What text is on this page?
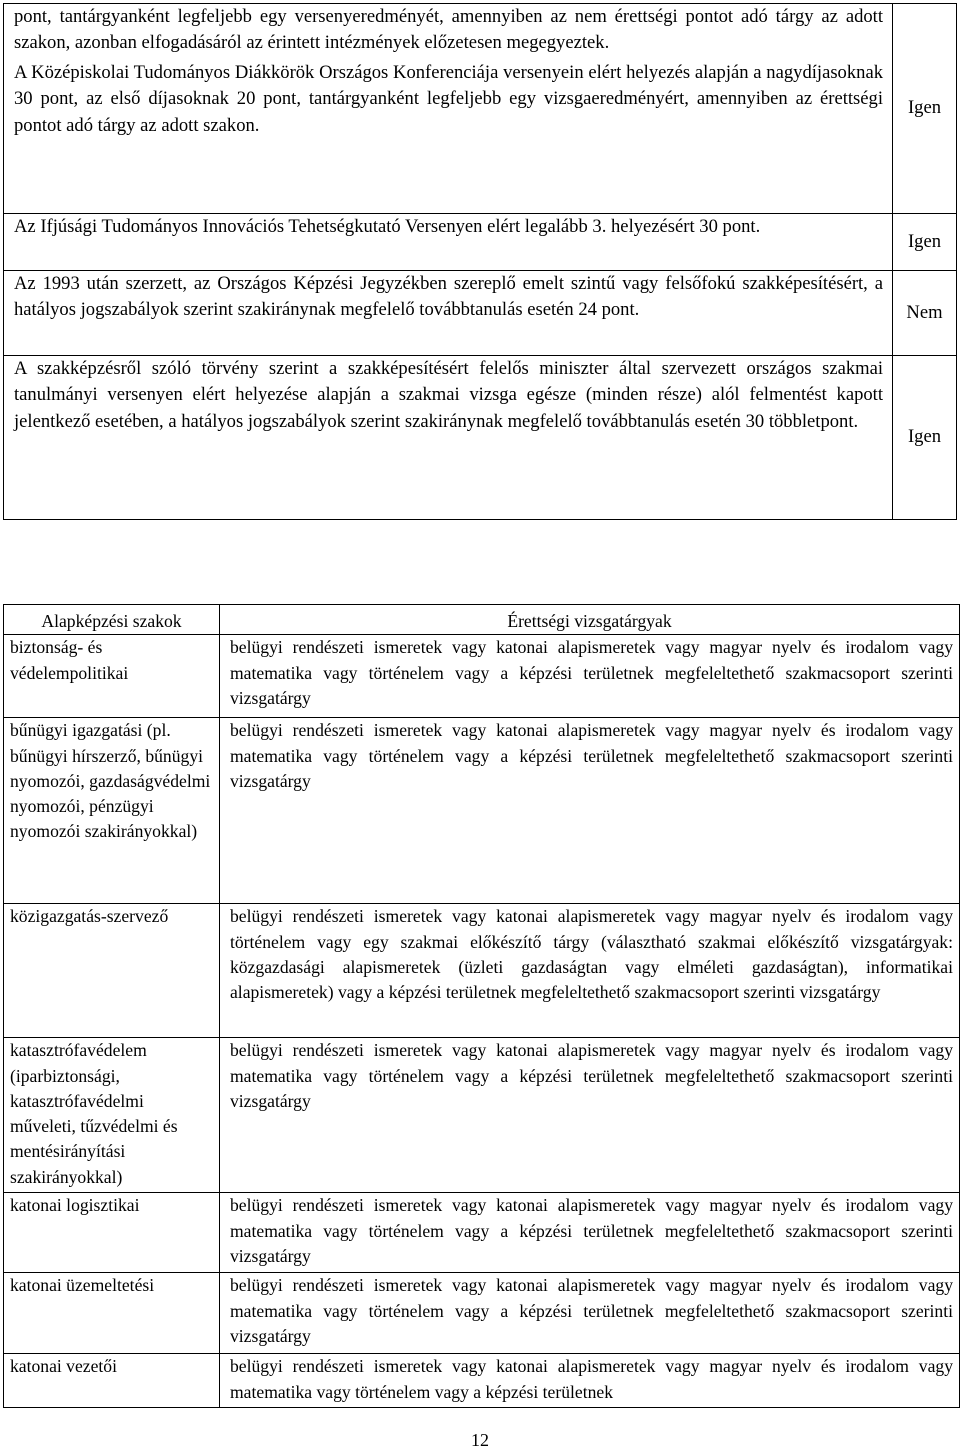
pont, tantárgyanként legfeljebb egy versenyeredményét, amennyiben az nem érettségi pontot adó tárgy az adott szakon, azonban elfogadásáról az érintett intézmények előzetesen megegyeztek.

A Középiskolai Tudományos Diákkörök Országos Konferenciája versenyein elért helyezés alapján a nagydíjasoknak 30 pont, az első díjasoknak 20 pont, tantárgyanként legfeljebb egy vizsgaeredményért, amennyiben az érettségi pontot adó tárgy az adott szakon.	Igen

Az Ifjúsági Tudományos Innovációs Tehetségkutató Versenyen elért legalább 3. helyezésért 30 pont.	Igen

Az 1993 után szerzett, az Országos Képzési Jegyzékben szereplő emelt szintű vagy felsőfokú szakképesítésért, a hatályos jogszabályok szerint szakiránynak megfelelő továbbtanulás esetén 24 pont.	Nem

A szakképzésről szóló törvény szerint a szakképesítésért felelős miniszter által szervezett országos szakmai tanulmányi versenyen elért helyezése alapján a szakmai vizsga egésze (minden része) alól felmentést kapott jelentkező esetében, a hatályos jogszabályok szerint szakiránynak megfelelő továbbtanulás esetén 30 többletpont.	Igen
Alapképzési szakok	Érettségi vizsgatárgyak
biztonság- és védelempolitikai	belügyi rendészeti ismeretek vagy katonai alapismeretek vagy magyar nyelv és irodalom vagy matematika vagy történelem vagy a képzési területnek megfeleltethető szakmacsoport szerinti vizsgatárgy
bűnügyi igazgatási (pl. bűnügyi hírszerző, bűnügyi nyomozói, gazdaságvédelmi nyomozói, pénzügyi nyomozói szakirányokkal)	belügyi rendészeti ismeretek vagy katonai alapismeretek vagy magyar nyelv és irodalom vagy matematika vagy történelem vagy a képzési területnek megfeleltethető szakmacsoport szerinti vizsgatárgy
közigazgatás-szervező	belügyi rendészeti ismeretek vagy katonai alapismeretek vagy magyar nyelv és irodalom vagy történelem vagy egy szakmai előkészítő tárgy (választható szakmai előkészítő vizsgatárgyak: közgazdasági alapismeretek (üzleti gazdaságtan vagy elméleti gazdaságtan), informatikai alapismeretek) vagy a képzési területnek megfeleltethető szakmacsoport szerinti vizsgatárgy
katasztrófavédelem (iparbiztonsági, katasztrófavédelmi műveleti, tűzvédelmi és mentésirányítási szakirányokkal)	belügyi rendészeti ismeretek vagy katonai alapismeretek vagy magyar nyelv és irodalom vagy matematika vagy történelem vagy a képzési területnek megfeleltethető szakmacsoport szerinti vizsgatárgy
katonai logisztikai	belügyi rendészeti ismeretek vagy katonai alapismeretek vagy magyar nyelv és irodalom vagy matematika vagy történelem vagy a képzési területnek megfeleltethető szakmacsoport szerinti vizsgatárgy
katonai üzemeltetési	belügyi rendészeti ismeretek vagy katonai alapismeretek vagy magyar nyelv és irodalom vagy matematika vagy történelem vagy a képzési területnek megfeleltethető szakmacsoport szerinti vizsgatárgy
katonai vezetői	belügyi rendészeti ismeretek vagy katonai alapismeretek vagy magyar nyelv és irodalom vagy matematika vagy történelem vagy a képzési területnek
12
